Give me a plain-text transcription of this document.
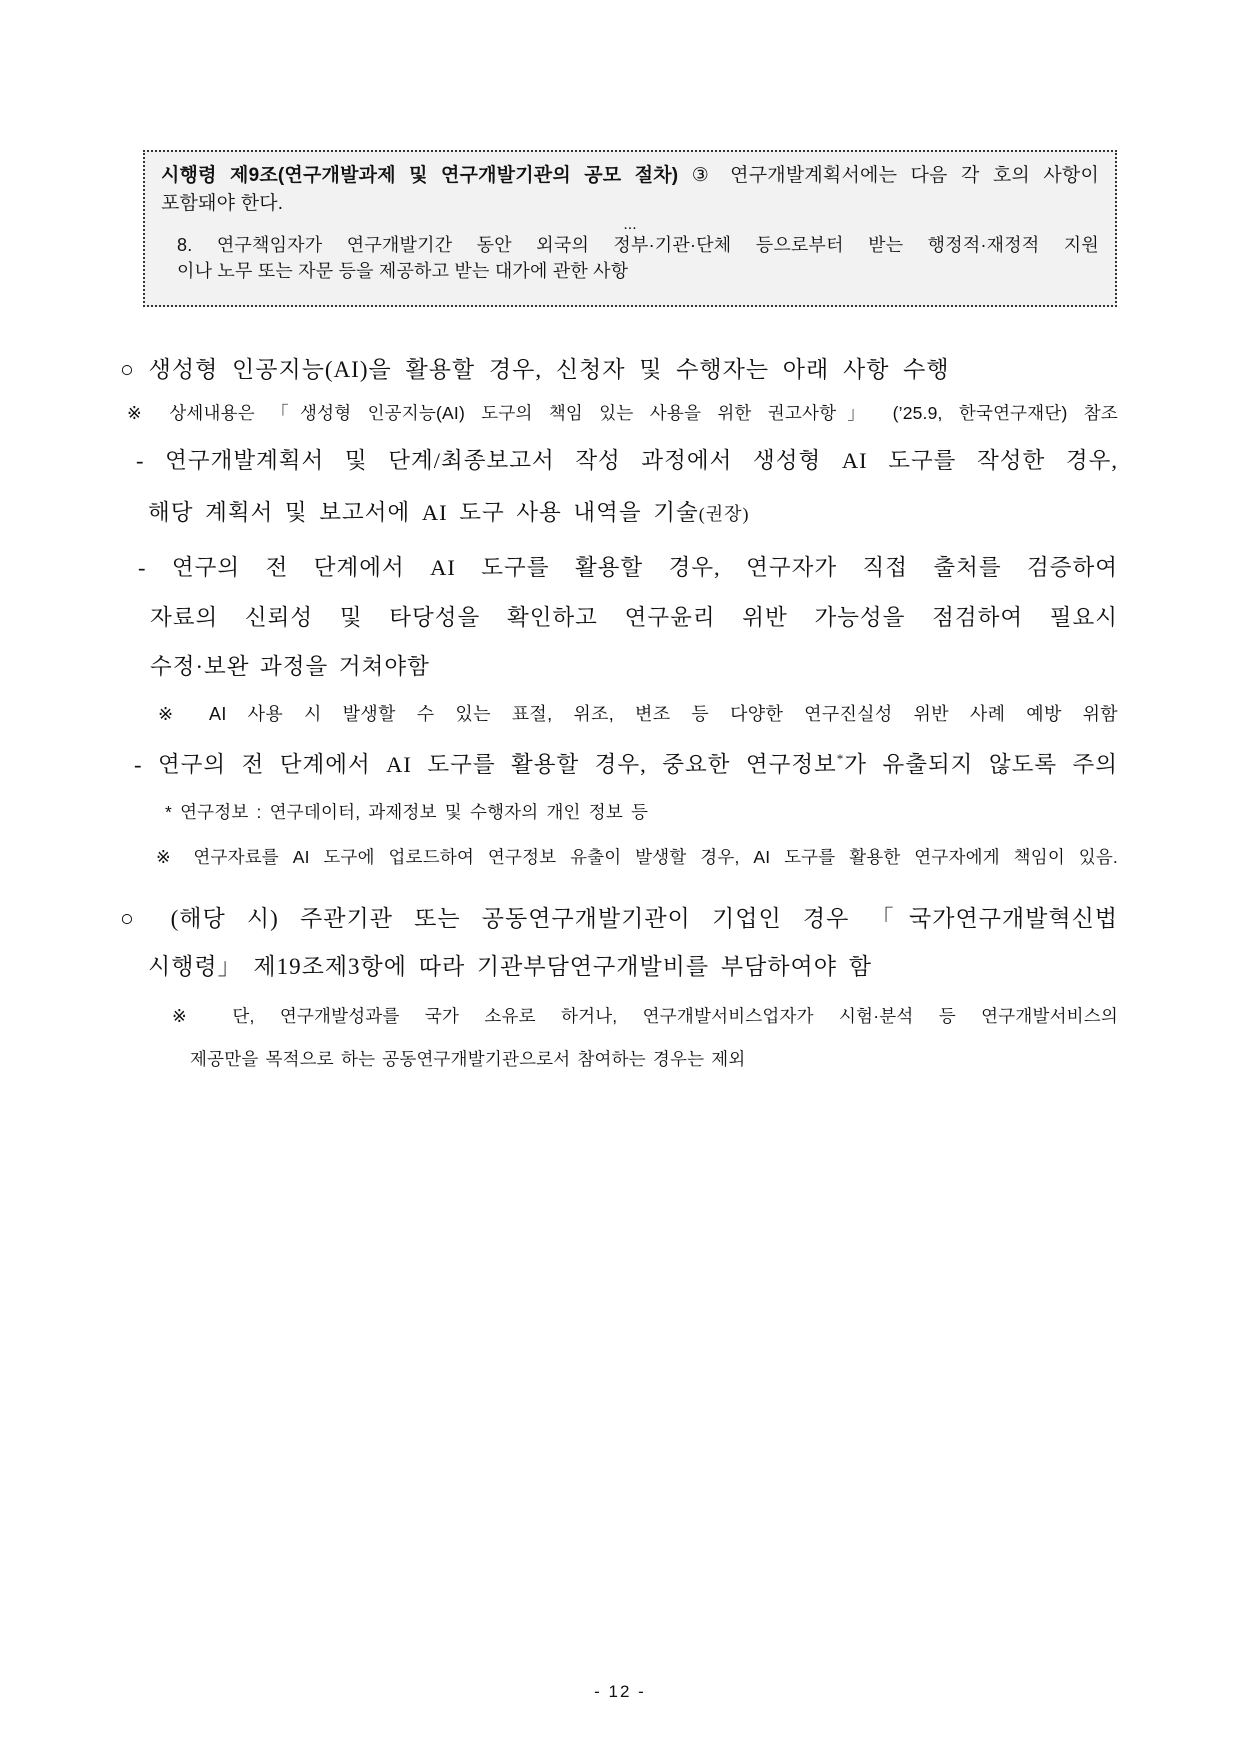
시행령 제9조(연구개발과제 및 연구개발기관의 공모 절차) ③ 연구개발계획서에는 다음 각 호의 사항이
포함돼야 한다.
...
8. 연구책임자가 연구개발기간 동안 외국의 정부·기관·단체 등으로부터 받는 행정적·재정적 지원
이나 노무 또는 자문 등을 제공하고 받는 대가에 관한 사항
○ 생성형 인공지능(AI)을 활용할 경우, 신청자 및 수행자는 아래 사항 수행
※ 상세내용은 「생성형 인공지능(AI) 도구의 책임 있는 사용을 위한 권고사항」 (’25.9, 한국연구재단) 참조
- 연구개발계획서 및 단계/최종보고서 작성 과정에서 생성형 AI 도구를 작성한 경우,
해당 계획서 및 보고서에 AI 도구 사용 내역을 기술(권장)
- 연구의 전 단계에서 AI 도구를 활용할 경우, 연구자가 직접 출처를 검증하여
자료의 신뢰성 및 타당성을 확인하고 연구윤리 위반 가능성을 점검하여 필요시
수정·보완 과정을 거쳐야함
※ AI 사용 시 발생할 수 있는 표절, 위조, 변조 등 다양한 연구진실성 위반 사례 예방 위함
- 연구의 전 단계에서 AI 도구를 활용할 경우, 중요한 연구정보*가 유출되지 않도록 주의
* 연구정보 : 연구데이터, 과제정보 및 수행자의 개인 정보 등
※ 연구자료를 AI 도구에 업로드하여 연구정보 유출이 발생할 경우, AI 도구를 활용한 연구자에게 책임이 있음.
○ (해당 시) 주관기관 또는 공동연구개발기관이 기업인 경우 「국가연구개발혁신법
시행령」 제19조제3항에 따라 기관부담연구개발비를 부담하여야 함
※ 단, 연구개발성과를 국가 소유로 하거나, 연구개발서비스업자가 시험·분석 등 연구개발서비스의
제공만을 목적으로 하는 공동연구개발기관으로서 참여하는 경우는 제외
- 12 -
